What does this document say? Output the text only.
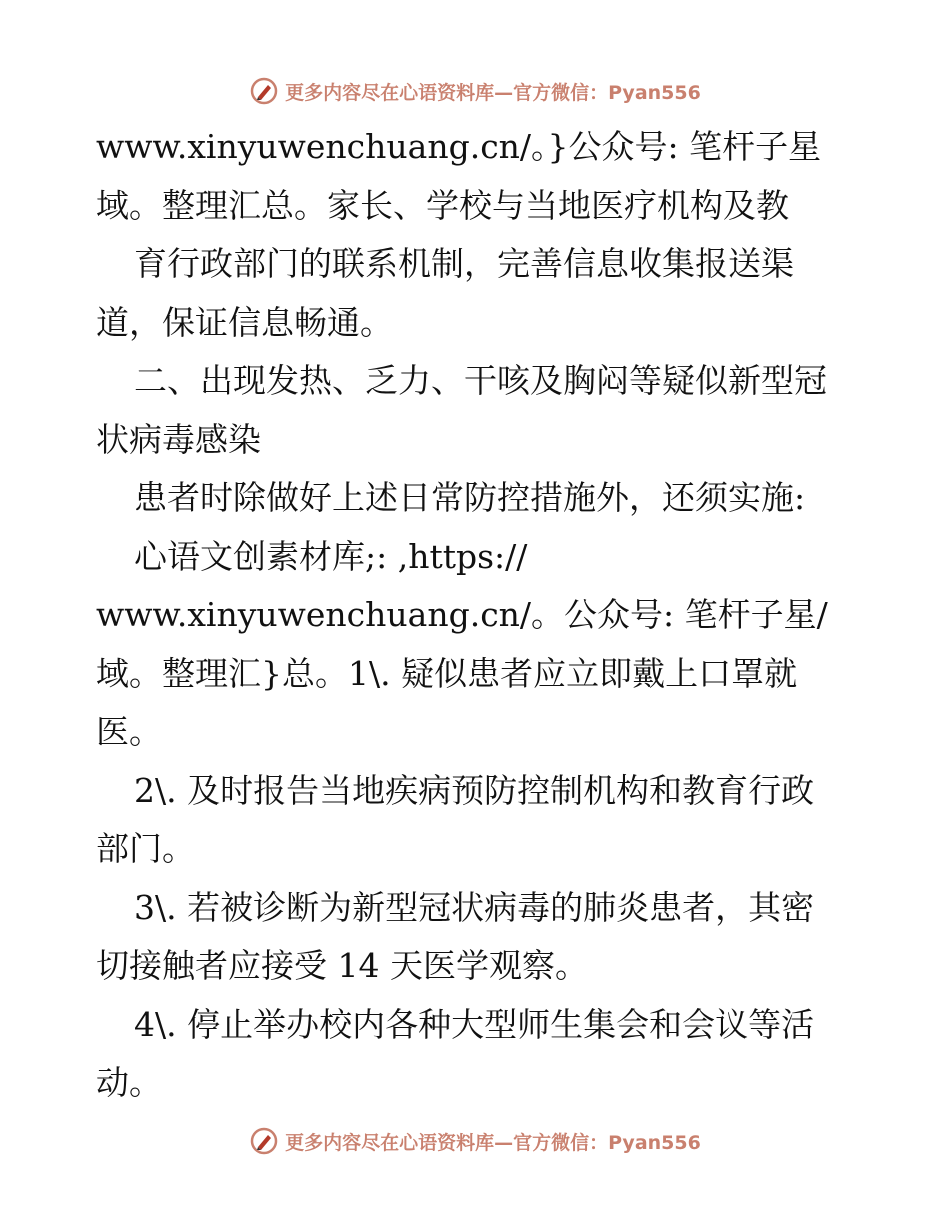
更多内容尽在心语资料库—官方微信：Pyan556
www.xinyuwenchuang.cn/。}公众号: 笔杆子星
域。整理汇总。家长、学校与当地医疗机构及教
育行政部门的联系机制，完善信息收集报送渠
道，保证信息畅通。
二、出现发热、乏力、干咳及胸闷等疑似新型冠
状病毒感染
患者时除做好上述日常防控措施外，还须实施:
心语文创素材库;: ,https://
www.xinyuwenchuang.cn/。公众号: 笔杆子星/
域。整理汇}总。1\. 疑似患者应立即戴上口罩就
医。
2\. 及时报告当地疾病预防控制机构和教育行政
部门。
3\. 若被诊断为新型冠状病毒的肺炎患者，其密
切接触者应接受 14 天医学观察。
4\. 停止举办校内各种大型师生集会和会议等活
动。
更多内容尽在心语资料库—官方微信：Pyan556
